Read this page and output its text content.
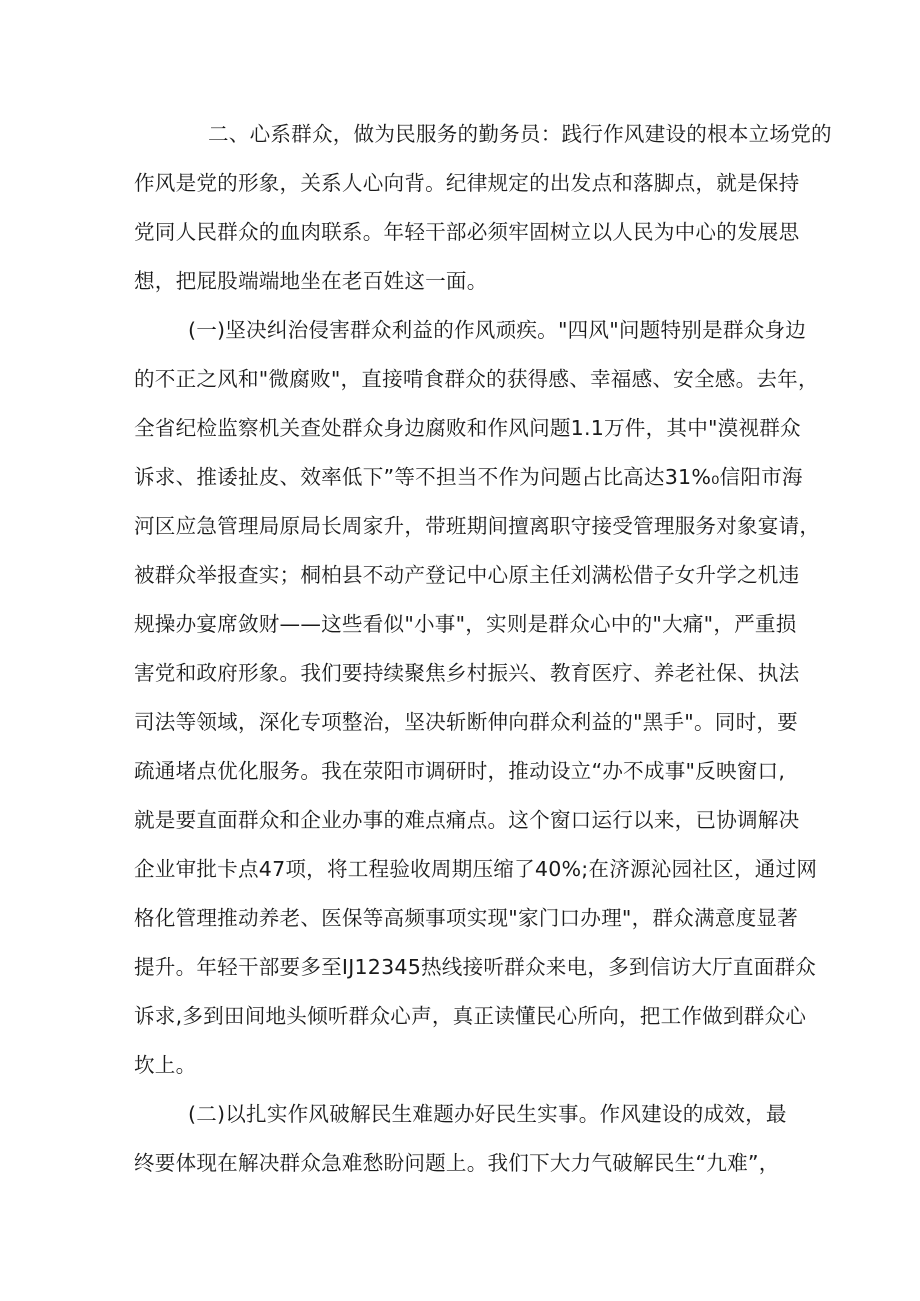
二、心系群众，做为民服务的勤务员：践行作风建设的根本立场党的
作风是党的形象，关系人心向背。纪律规定的出发点和落脚点，就是保持
党同人民群众的血肉联系。年轻干部必须牢固树立以人民为中心的发展思
想，把屁股端端地坐在老百姓这一面。
(一)坚决纠治侵害群众利益的作风顽疾。"四风"问题特别是群众身边
的不正之风和"微腐败"，直接啃食群众的获得感、幸福感、安全感。去年，
全省纪检监察机关查处群众身边腐败和作风问题1.1万件，其中"漠视群众
诉求、推诿扯皮、效率低下”等不担当不作为问题占比高达31%₀信阳市海
河区应急管理局原局长周家升，带班期间擅离职守接受管理服务对象宴请，
被群众举报查实；桐柏县不动产登记中心原主任刘满松借子女升学之机违
规操办宴席敛财——这些看似"小事"，实则是群众心中的"大痛"，严重损
害党和政府形象。我们要持续聚焦乡村振兴、教育医疗、养老社保、执法
司法等领域，深化专项整治，坚决斩断伸向群众利益的"黑手"。同时，要
疏通堵点优化服务。我在荥阳市调研时，推动设立“办不成事"反映窗口,
就是要直面群众和企业办事的难点痛点。这个窗口运行以来，已协调解决
企业审批卡点47项，将工程验收周期压缩了40%;在济源沁园社区，通过网
格化管理推动养老、医保等高频事项实现"家门口办理"，群众满意度显著
提升。年轻干部要多至IJ12345热线接听群众来电，多到信访大厅直面群众
诉求,多到田间地头倾听群众心声，真正读懂民心所向，把工作做到群众心
坎上。
(二)以扎实作风破解民生难题办好民生实事。作风建设的成效，最
终要体现在解决群众急难愁盼问题上。我们下大力气破解民生“九难”，
